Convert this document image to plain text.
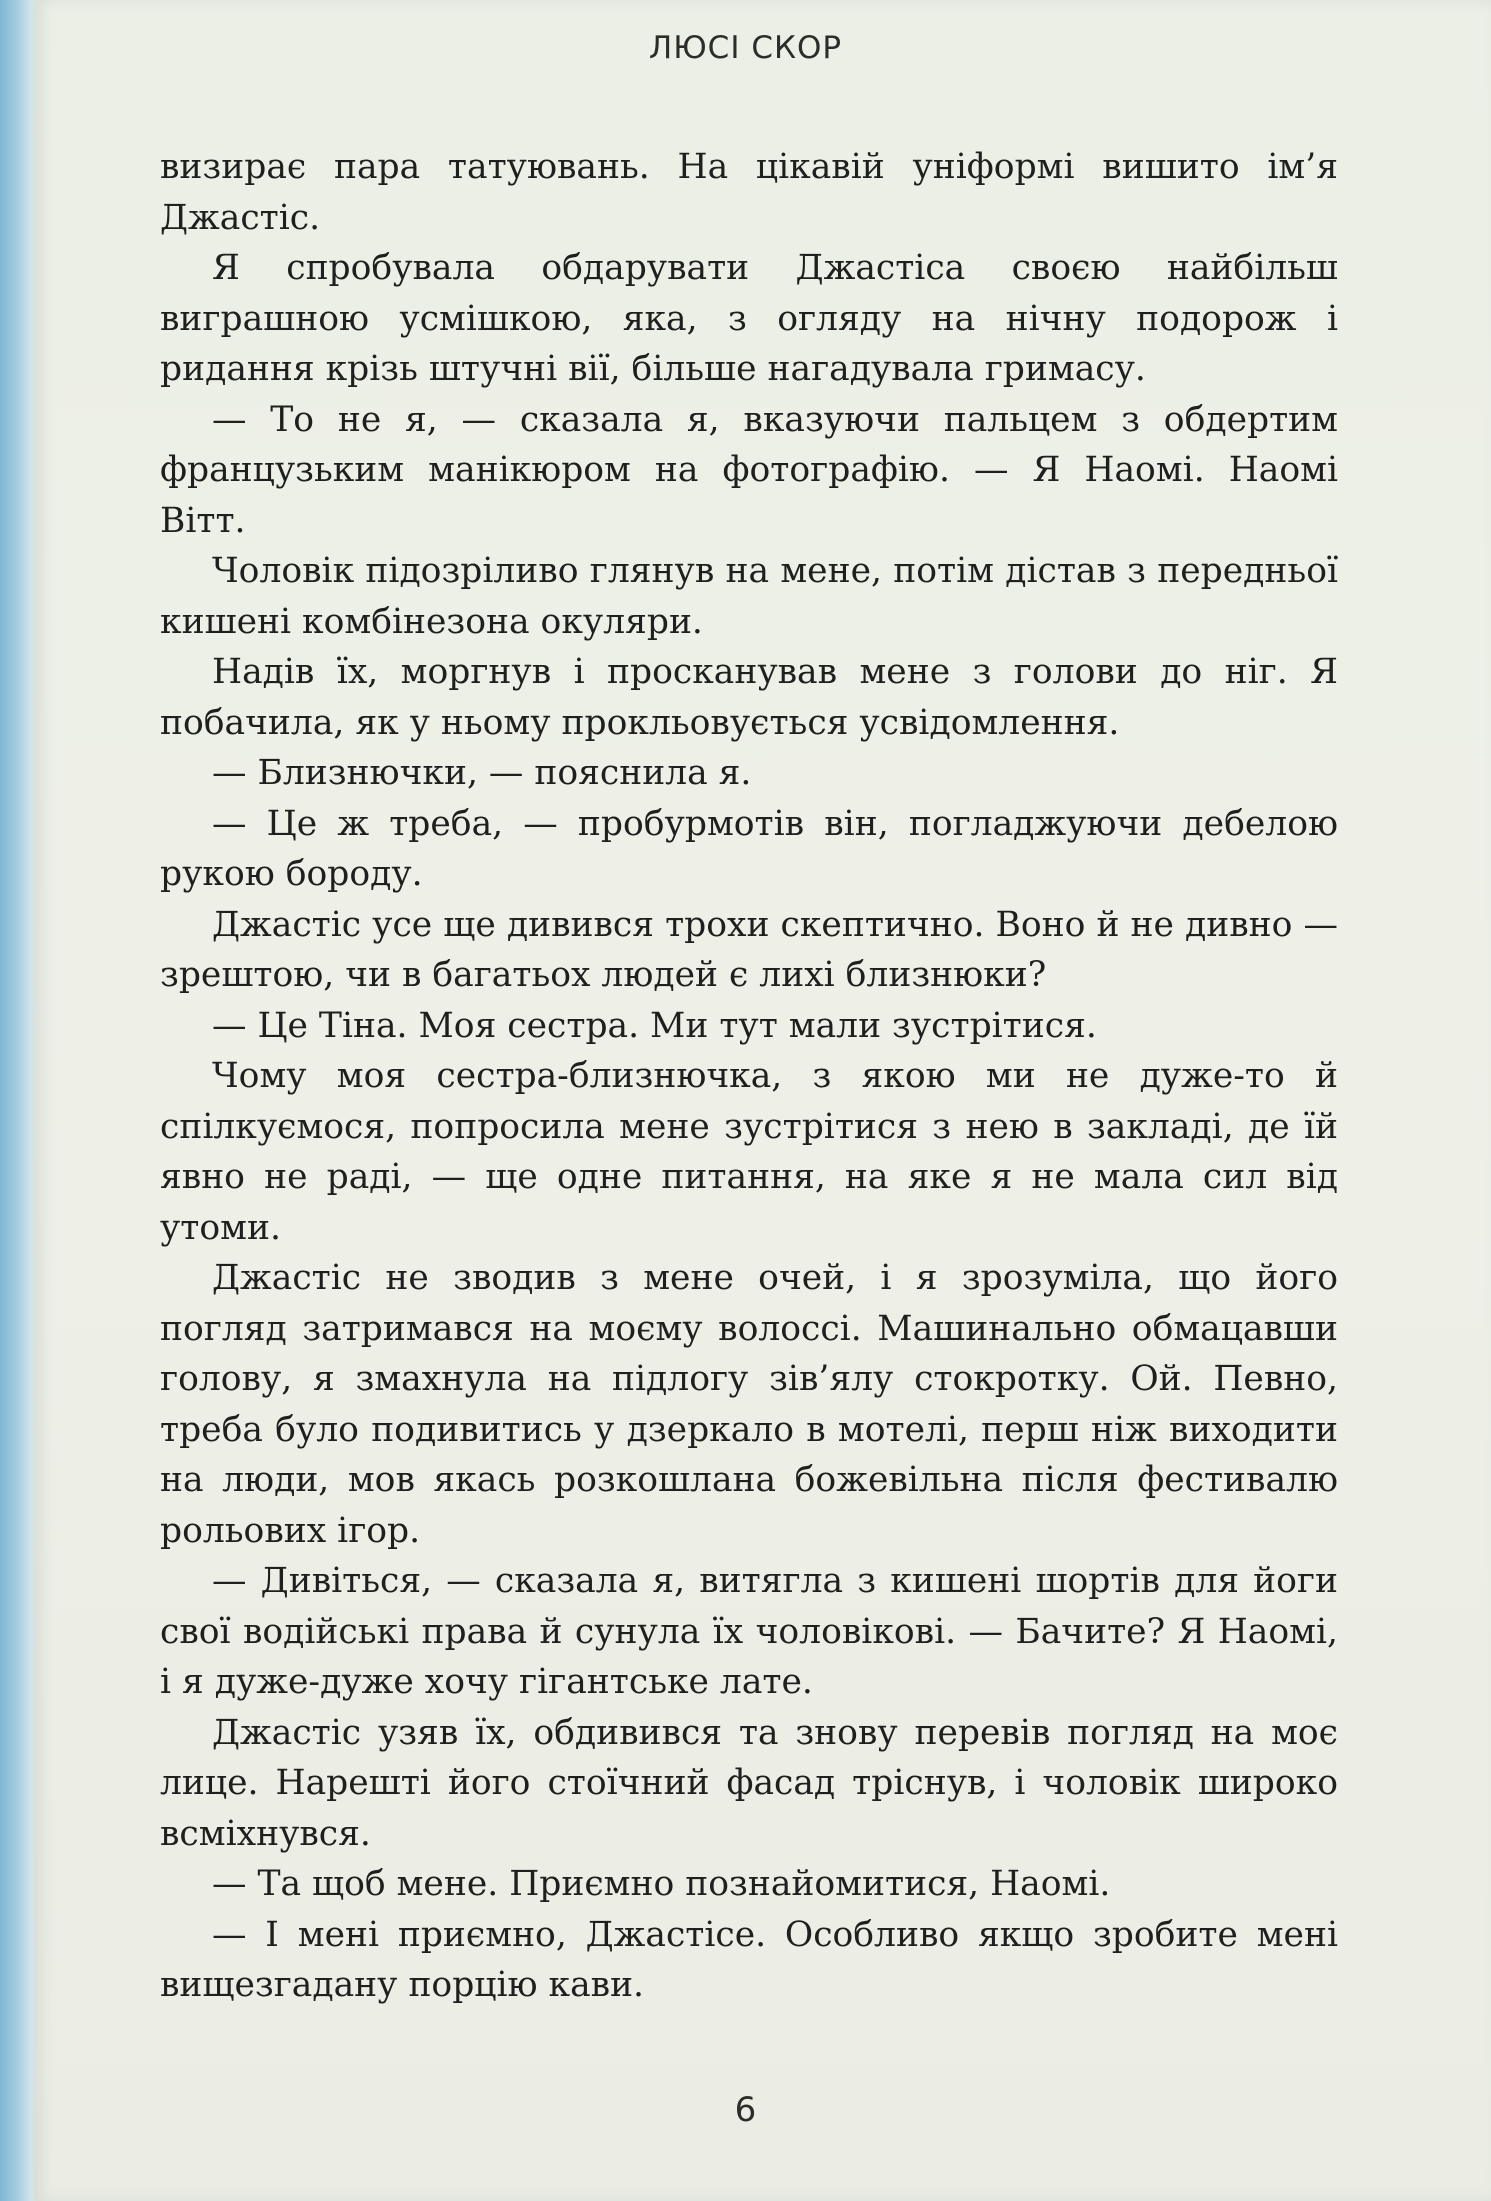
ЛЮСІ СКОР

визирає пара татуювань. На цікавій уніформі вишито ім’я Джастіс.

Я спробувала обдарувати Джастіса своєю найбільш виграшною усмішкою, яка, з огляду на нічну подорож і ридання крізь штучні вії, більше нагадувала гримасу.

— То не я, — сказала я, вказуючи пальцем з обдертим французьким манікюром на фотографію. — Я Наомі. Наомі Вітт.

Чоловік підозріливо глянув на мене, потім дістав з передньої кишені комбінезона окуляри.

Надів їх, моргнув і просканував мене з голови до ніг. Я побачила, як у ньому прокльовується усвідомлення.

— Близнючки, — пояснила я.

— Це ж треба, — пробурмотів він, погладжуючи дебелою рукою бороду.

Джастіс усе ще дивився трохи скептично. Воно й не дивно — зрештою, чи в багатьох людей є лихі близнюки?

— Це Тіна. Моя сестра. Ми тут мали зустрітися.

Чому моя сестра-близнючка, з якою ми не дуже-то й спілкуємося, попросила мене зустрітися з нею в закладі, де їй явно не раді, — ще одне питання, на яке я не мала сил від утоми.

Джастіс не зводив з мене очей, і я зрозуміла, що його погляд затримався на моєму волоссі. Машинально обмацавши голову, я змахнула на підлогу зів’ялу стокротку. Ой. Певно, треба було подивитись у дзеркало в мотелі, перш ніж виходити на люди, мов якась розкошлана божевільна після фестивалю рольових ігор.

— Дивіться, — сказала я, витягла з кишені шортів для йоги свої водійські права й сунула їх чоловікові. — Бачите? Я Наомі, і я дуже-дуже хочу гігантське лате.

Джастіс узяв їх, обдивився та знову перевів погляд на моє лице. Нарешті його стоїчний фасад тріснув, і чоловік широко всміхнувся.

— Та щоб мене. Приємно познайомитися, Наомі.

— І мені приємно, Джастісе. Особливо якщо зробите мені вищезгадану порцію кави.

6
